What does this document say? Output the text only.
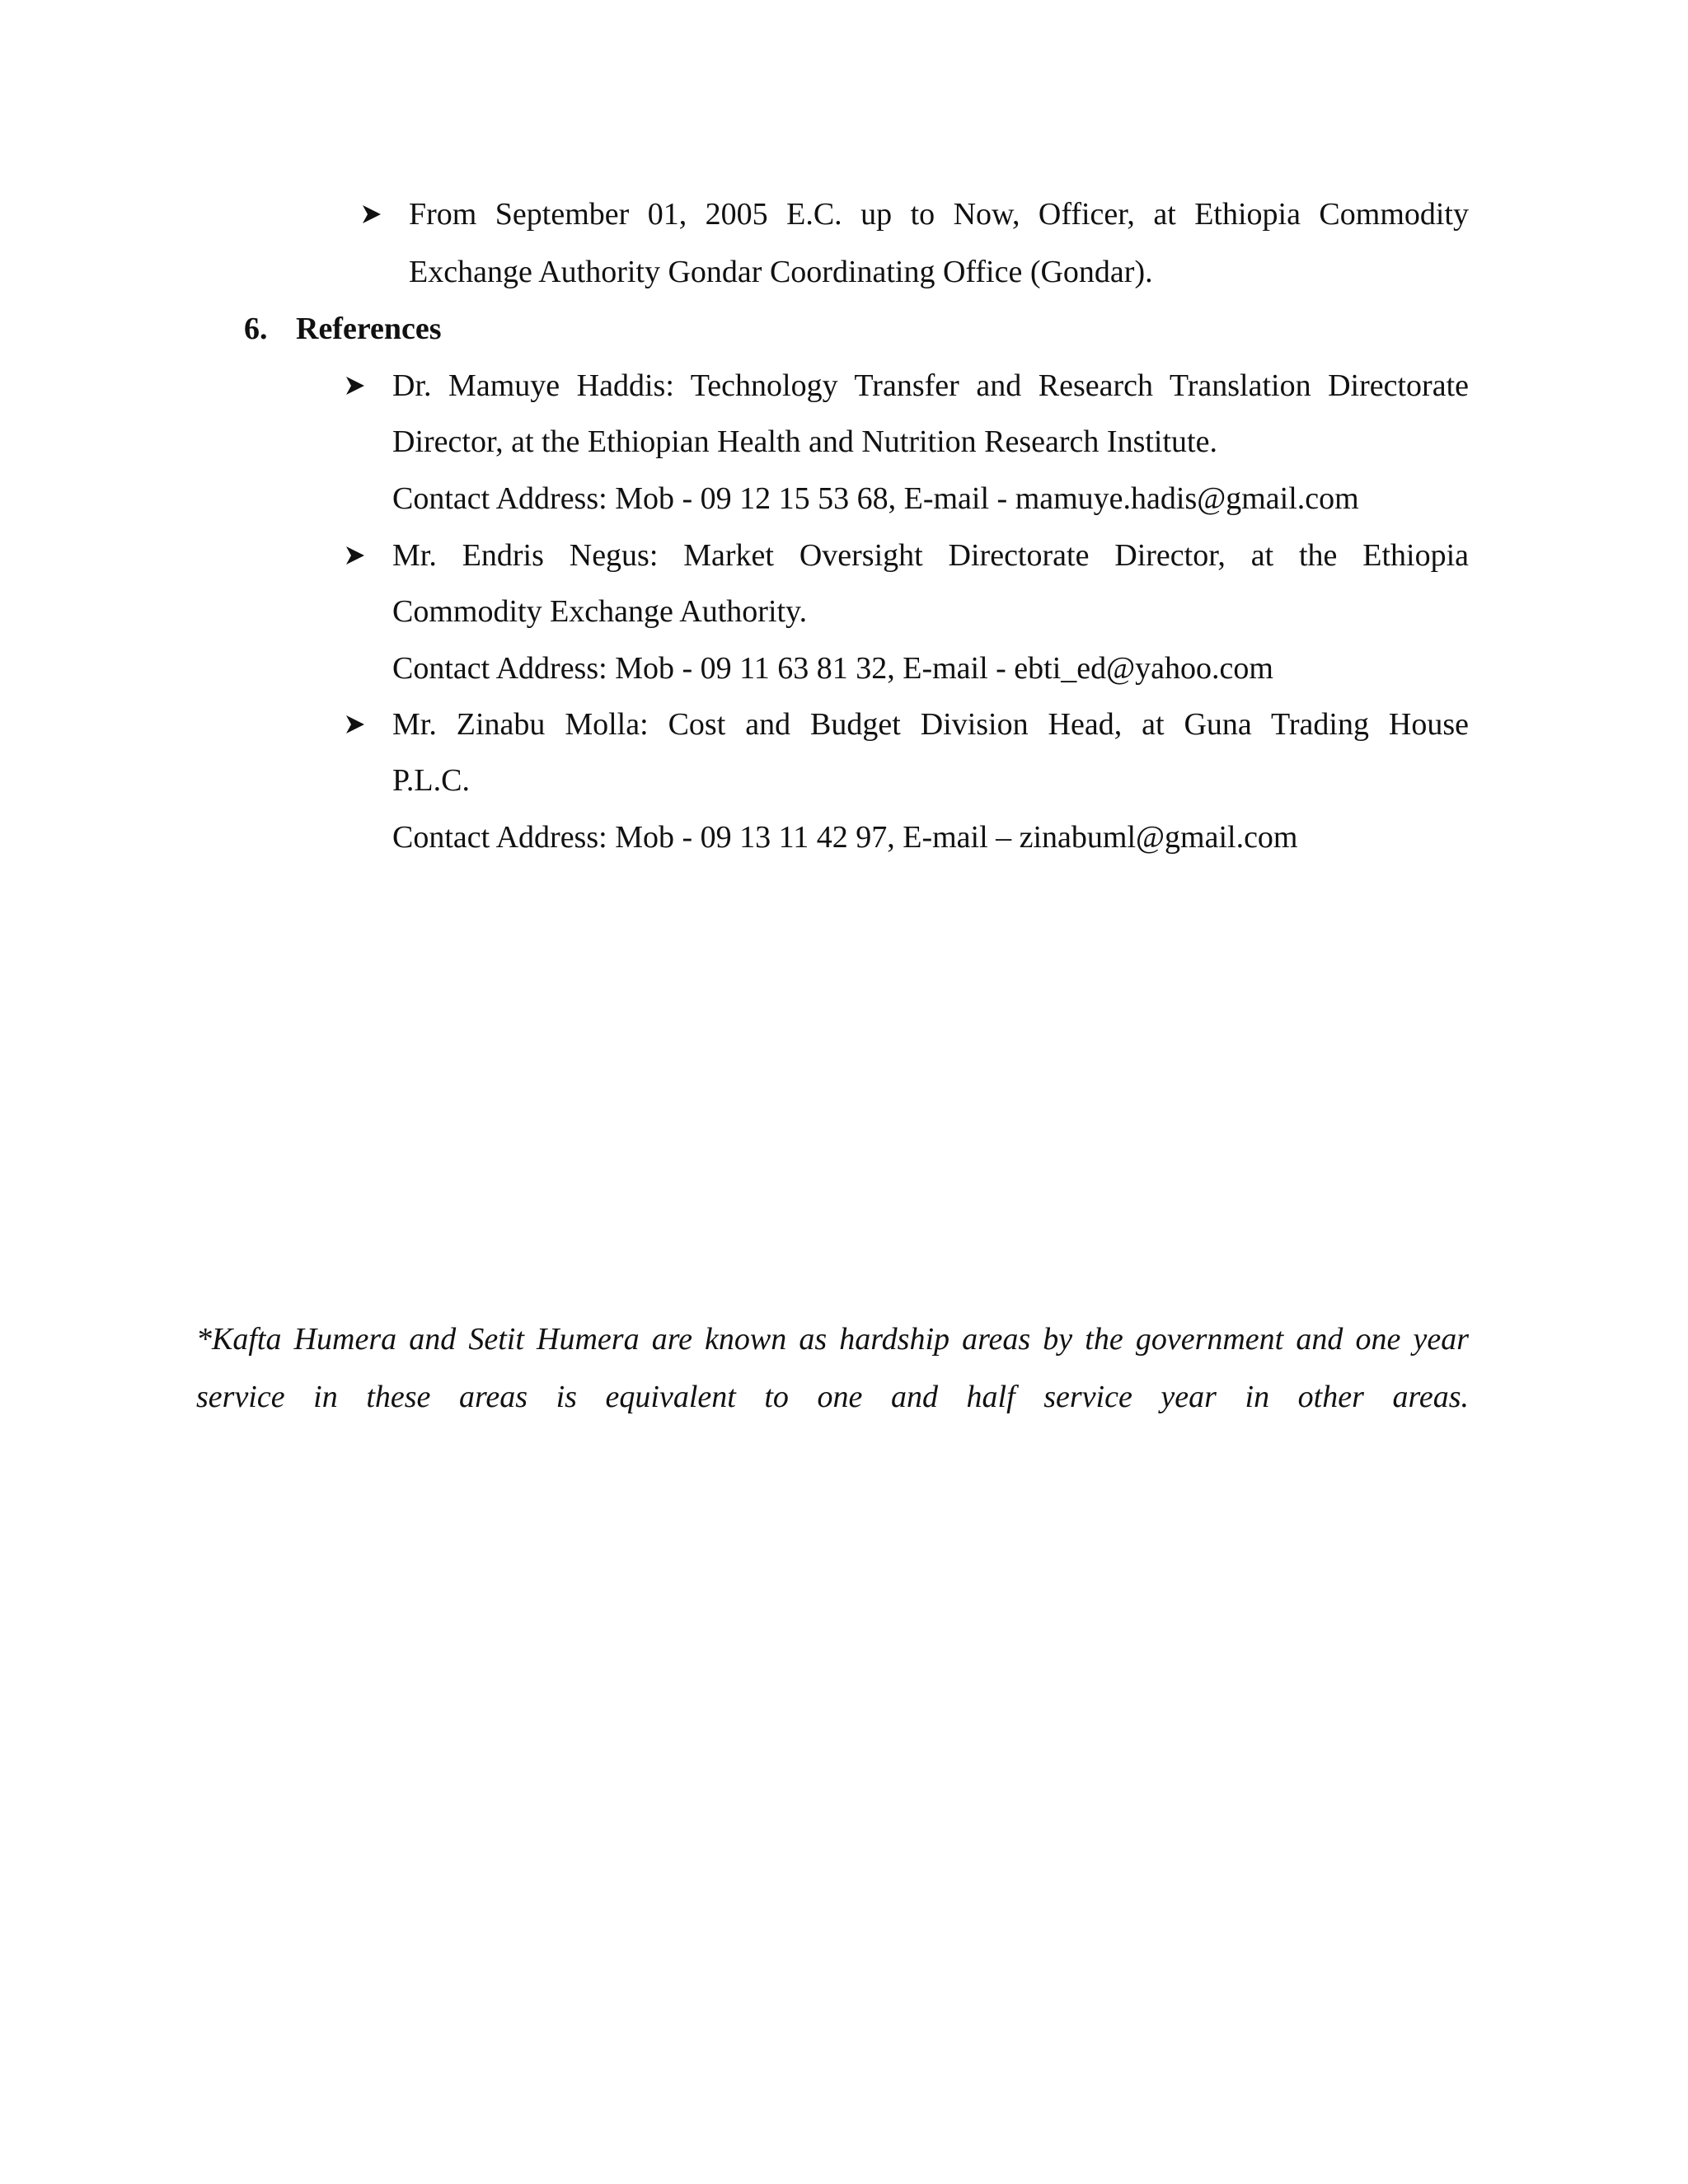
From September 01, 2005 E.C. up to Now, Officer, at Ethiopia Commodity
Exchange Authority Gondar Coordinating Office (Gondar).
6. References
Dr. Mamuye Haddis: Technology Transfer and Research Translation Directorate
Director, at the Ethiopian Health and Nutrition Research Institute.
Contact Address: Mob - 09 12 15 53 68, E-mail - mamuye.hadis@gmail.com
Mr. Endris Negus: Market Oversight Directorate Director, at the Ethiopia
Commodity Exchange Authority.
Contact Address: Mob - 09 11 63 81 32, E-mail - ebti_ed@yahoo.com
Mr. Zinabu Molla: Cost and Budget Division Head, at Guna Trading House
P.L.C.
Contact Address: Mob - 09 13 11 42 97, E-mail – zinabuml@gmail.com
*Kafta Humera and Setit Humera are known as hardship areas by the government and one year
service in these areas is equivalent to one and half service year in other areas.
